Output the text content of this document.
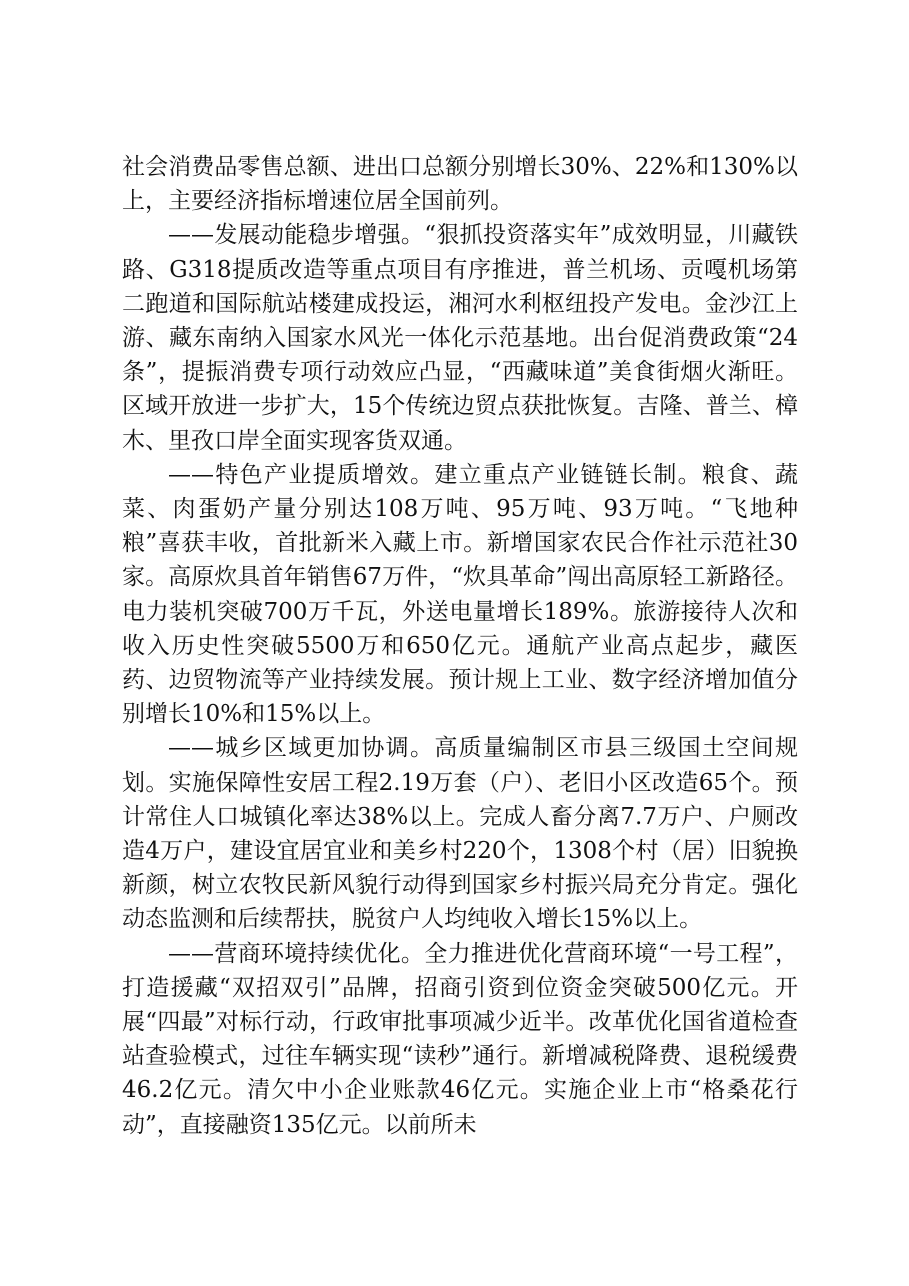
社会消费品零售总额、进出口总额分别增长30%、22%和130%以上，主要经济指标增速位居全国前列。

——发展动能稳步增强。“狠抓投资落实年”成效明显，川藏铁路、G318提质改造等重点项目有序推进，普兰机场、贡嘎机场第二跑道和国际航站楼建成投运，湘河水利枢纽投产发电。金沙江上游、藏东南纳入国家水风光一体化示范基地。出台促消费政策“24条”，提振消费专项行动效应凸显，“西藏味道”美食街烟火渐旺。区域开放进一步扩大，15个传统边贸点获批恢复。吉隆、普兰、樟木、里孜口岸全面实现客货双通。

——特色产业提质增效。建立重点产业链链长制。粮食、蔬菜、肉蛋奶产量分别达108万吨、95万吨、93万吨。“飞地种粮”喜获丰收，首批新米入藏上市。新增国家农民合作社示范社30家。高原炊具首年销售67万件，“炊具革命”闯出高原轻工新路径。电力装机突破700万千瓦，外送电量增长189%。旅游接待人次和收入历史性突破5500万和650亿元。通航产业高点起步，藏医药、边贸物流等产业持续发展。预计规上工业、数字经济增加值分别增长10%和15%以上。

——城乡区域更加协调。高质量编制区市县三级国土空间规划。实施保障性安居工程2.19万套（户）、老旧小区改造65个。预计常住人口城镇化率达38%以上。完成人畜分离7.7万户、户厕改造4万户，建设宜居宜业和美乡村220个，1308个村（居）旧貌换新颜，树立农牧民新风貌行动得到国家乡村振兴局充分肯定。强化动态监测和后续帮扶，脱贫户人均纯收入增长15%以上。

——营商环境持续优化。全力推进优化营商环境“一号工程”，打造援藏“双招双引”品牌，招商引资到位资金突破500亿元。开展“四最”对标行动，行政审批事项减少近半。改革优化国省道检查站查验模式，过往车辆实现“读秒”通行。新增减税降费、退税缓费46.2亿元。清欠中小企业账款46亿元。实施企业上市“格桑花行动”，直接融资135亿元。以前所未
